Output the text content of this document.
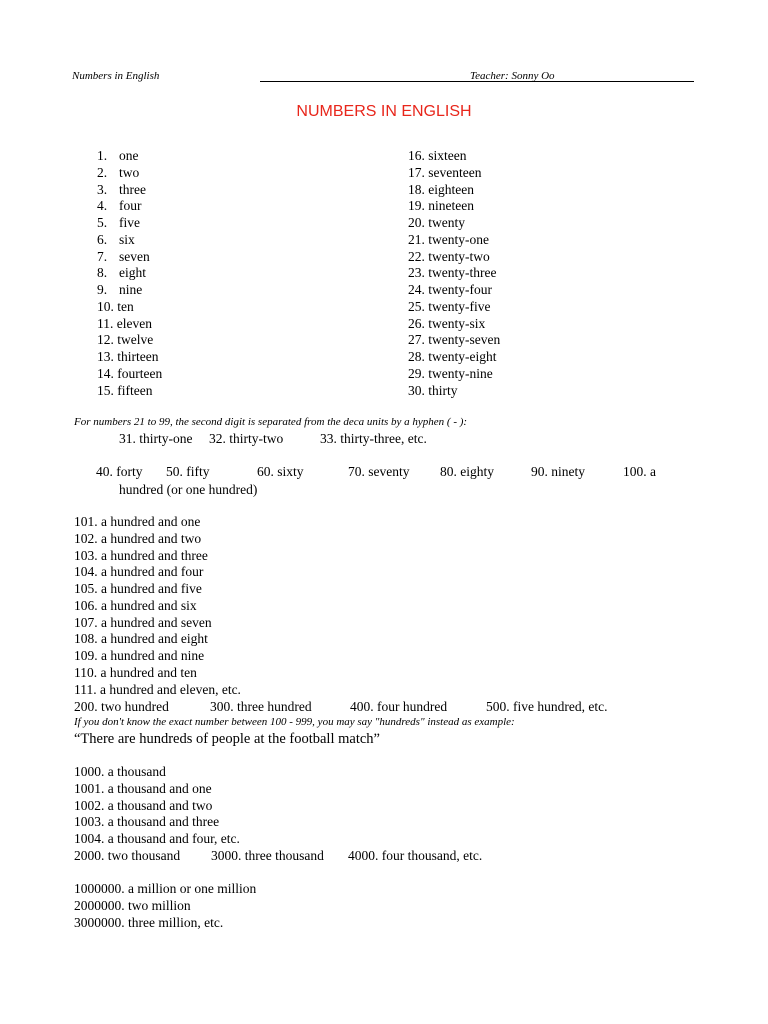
Numbers in English	Teacher: Sonny Oo
NUMBERS IN ENGLISH
1. one
2. two
3. three
4. four
5. five
6. six
7. seven
8. eight
9. nine
10. ten
11. eleven
12. twelve
13. thirteen
14. fourteen
15. fifteen
16. sixteen
17. seventeen
18. eighteen
19. nineteen
20. twenty
21. twenty-one
22. twenty-two
23. twenty-three
24. twenty-four
25. twenty-five
26. twenty-six
27. twenty-seven
28. twenty-eight
29. twenty-nine
30. thirty
For numbers 21 to 99, the second digit is separated from the deca units by a hyphen ( - ):
31. thirty-one 32. thirty-two	33. thirty-three, etc.
40. forty 50. fifty	60. sixty	70. seventy 80. eighty	90. ninety	100. a
hundred (or one hundred)
101. a hundred and one
102. a hundred and two
103. a hundred and three
104. a hundred and four
105. a hundred and five
106. a hundred and six
107. a hundred and seven
108. a hundred and eight
109. a hundred and nine
110. a hundred and ten
111. a hundred and eleven, etc.
200. two hundred	300. three hundred	400. four hundred	500. five hundred, etc.
If you don't know the exact number between 100 - 999, you may say "hundreds" instead as example:
“There are hundreds of people at the football match”
1000. a thousand
1001. a thousand and one
1002. a thousand and two
1003. a thousand and three
1004. a thousand and four, etc.
2000. two thousand 3000. three thousand 4000. four thousand, etc.
1000000. a million or one million
2000000. two million
3000000. three million, etc.
